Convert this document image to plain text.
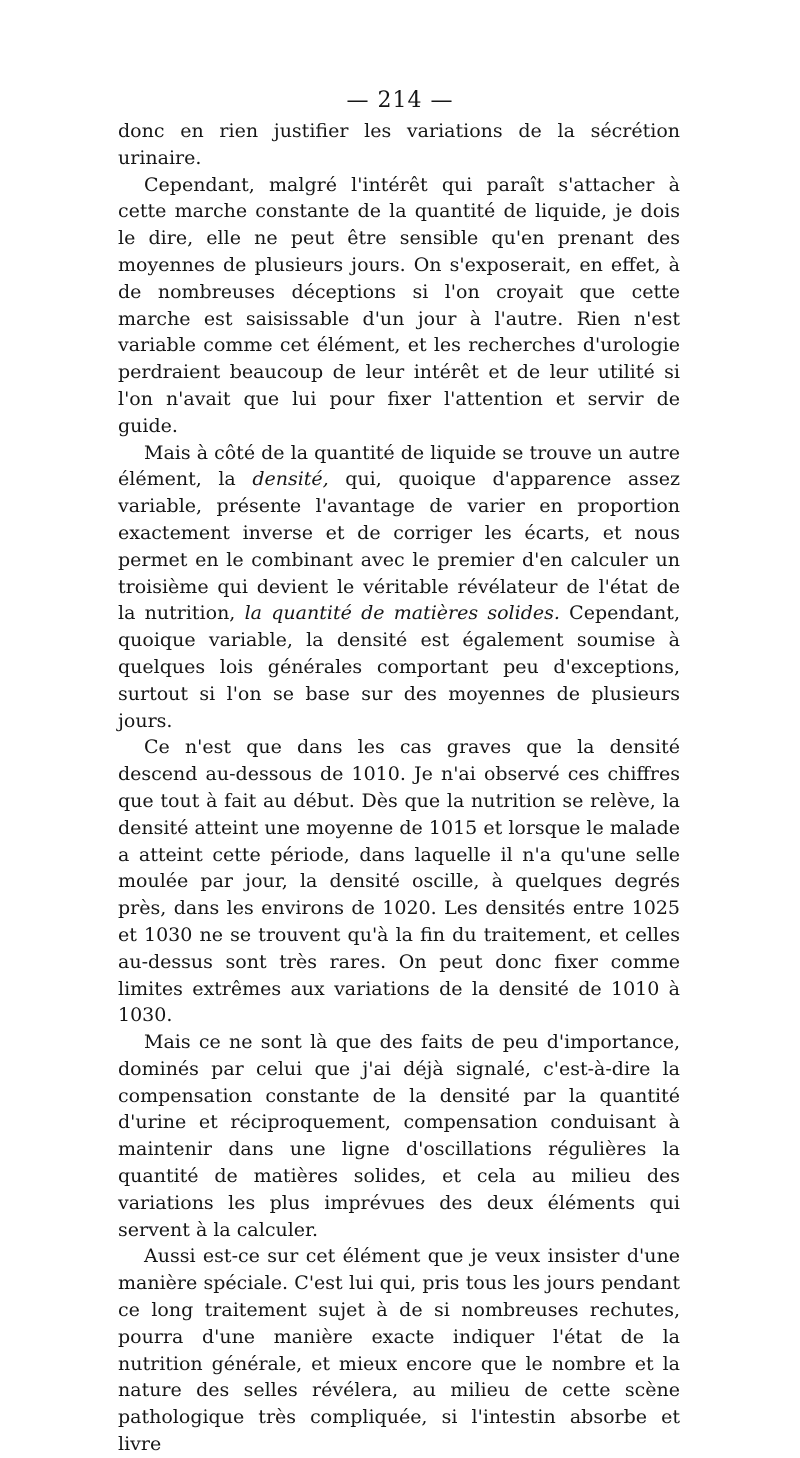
— 214 —

donc en rien justifier les variations de la sécrétion urinaire.

Cependant, malgré l'intérêt qui paraît s'attacher à cette marche constante de la quantité de liquide, je dois le dire, elle ne peut être sensible qu'en prenant des moyennes de plusieurs jours. On s'exposerait, en effet, à de nombreuses déceptions si l'on croyait que cette marche est saisissable d'un jour à l'autre. Rien n'est variable comme cet élément, et les recherches d'urologie perdraient beaucoup de leur intérêt et de leur utilité si l'on n'avait que lui pour fixer l'attention et servir de guide.

Mais à côté de la quantité de liquide se trouve un autre élément, la densité, qui, quoique d'apparence assez variable, présente l'avantage de varier en proportion exactement inverse et de corriger les écarts, et nous permet en le combinant avec le premier d'en calculer un troisième qui devient le véritable révélateur de l'état de la nutrition, la quantité de matières solides. Cependant, quoique variable, la densité est également soumise à quelques lois générales comportant peu d'exceptions, surtout si l'on se base sur des moyennes de plusieurs jours.

Ce n'est que dans les cas graves que la densité descend au-dessous de 1010. Je n'ai observé ces chiffres que tout à fait au début. Dès que la nutrition se relève, la densité atteint une moyenne de 1015 et lorsque le malade a atteint cette période, dans laquelle il n'a qu'une selle moulée par jour, la densité oscille, à quelques degrés près, dans les environs de 1020. Les densités entre 1025 et 1030 ne se trouvent qu'à la fin du traitement, et celles au-dessus sont très rares. On peut donc fixer comme limites extrêmes aux variations de la densité de 1010 à 1030.

Mais ce ne sont là que des faits de peu d'importance, dominés par celui que j'ai déjà signalé, c'est-à-dire la compensation constante de la densité par la quantité d'urine et réciproquement, compensation conduisant à maintenir dans une ligne d'oscillations régulières la quantité de matières solides, et cela au milieu des variations les plus imprévues des deux éléments qui servent à la calculer.

Aussi est-ce sur cet élément que je veux insister d'une manière spéciale. C'est lui qui, pris tous les jours pendant ce long traitement sujet à de si nombreuses rechutes, pourra d'une manière exacte indiquer l'état de la nutrition générale, et mieux encore que le nombre et la nature des selles révélera, au milieu de cette scène pathologique très compliquée, si l'intestin absorbe et livre
